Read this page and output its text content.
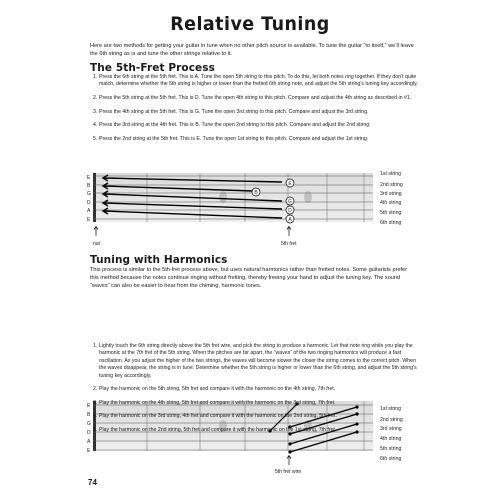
Relative Tuning
Here are two methods for getting your guitar in tune when no other pitch source is available. To tune the guitar “to itself,” we’ll leave the 6th string as is and tune the other strings relative to it.
The 5th-Fret Process
1. Press the 6th string at the 5th fret. This is A. Tune the open 5th string to this pitch. To do this, let both notes ring together. If they don’t quite match, determine whether the 5th string is higher or lower than the fretted 6th string note, and adjust the 5th string’s tuning key accordingly.
2. Press the 5th string at the 5th fret. This is D. Tune the open 4th string to this pitch. Compare and adjust the 4th string as described in #1.
3. Press the 4th string at the 5th fret. This is G. Tune the open 3rd string to this pitch. Compare and adjust the 3rd string.
4. Press the 3rd string at the 4th fret. This is B. Tune the open 2nd string to this pitch. Compare and adjust the 2nd string.
5. Press the 2nd string at the 5th fret. This is E. Tune the open 1st string to this pitch. Compare and adjust the 1st string.
E
B
G
D
A
E
B
E
G
D
A
1st string
2nd string
3rd string
4th string
5th string
6th string
nut	5th fret
E
B
G
D
A
E
1st string
2nd string
3rd string
4th string
5th string
6th string
5th fret wire
Tuning with Harmonics
This process is similar to the 5th-fret process above, but uses natural harmonics rather than fretted notes. Some guitarists prefer this method because the notes continue ringing without fretting, thereby freeing your hand to adjust the tuning key. The sound “waves” can also be easier to hear from the chiming, harmonic tones.
1. Lightly touch the 6th string directly above the 5th fret wire, and pick the string to produce a harmonic. Let that note ring while you play the harmonic at the 7th fret of the 5th string. When the pitches are far apart, the “waves” of the two ringing harmonics will produce a fast oscillation. As you adjust the higher of the two strings, the waves will become slower the closer the string comes to the correct pitch. When the waves disappear, the string is in tune. Determine whether the 5th string is higher or lower than the 6th string, and adjust the 5th string’s tuning key accordingly.
2. Play the harmonic on the 5th string, 5th fret and compare it with the harmonic on the 4th string, 7th fret.
3. Play the harmonic on the 4th string, 5th fret and compare it with the harmonic on the 3rd string, 7th fret.
4. Play the harmonic on the 3rd string, 4th fret and compare it with the harmonic on the 2nd string, 5th fret.
5. Play the harmonic on the 2nd string, 5th fret and compare it with the harmonic on the 1st string, 7th fret.
74
